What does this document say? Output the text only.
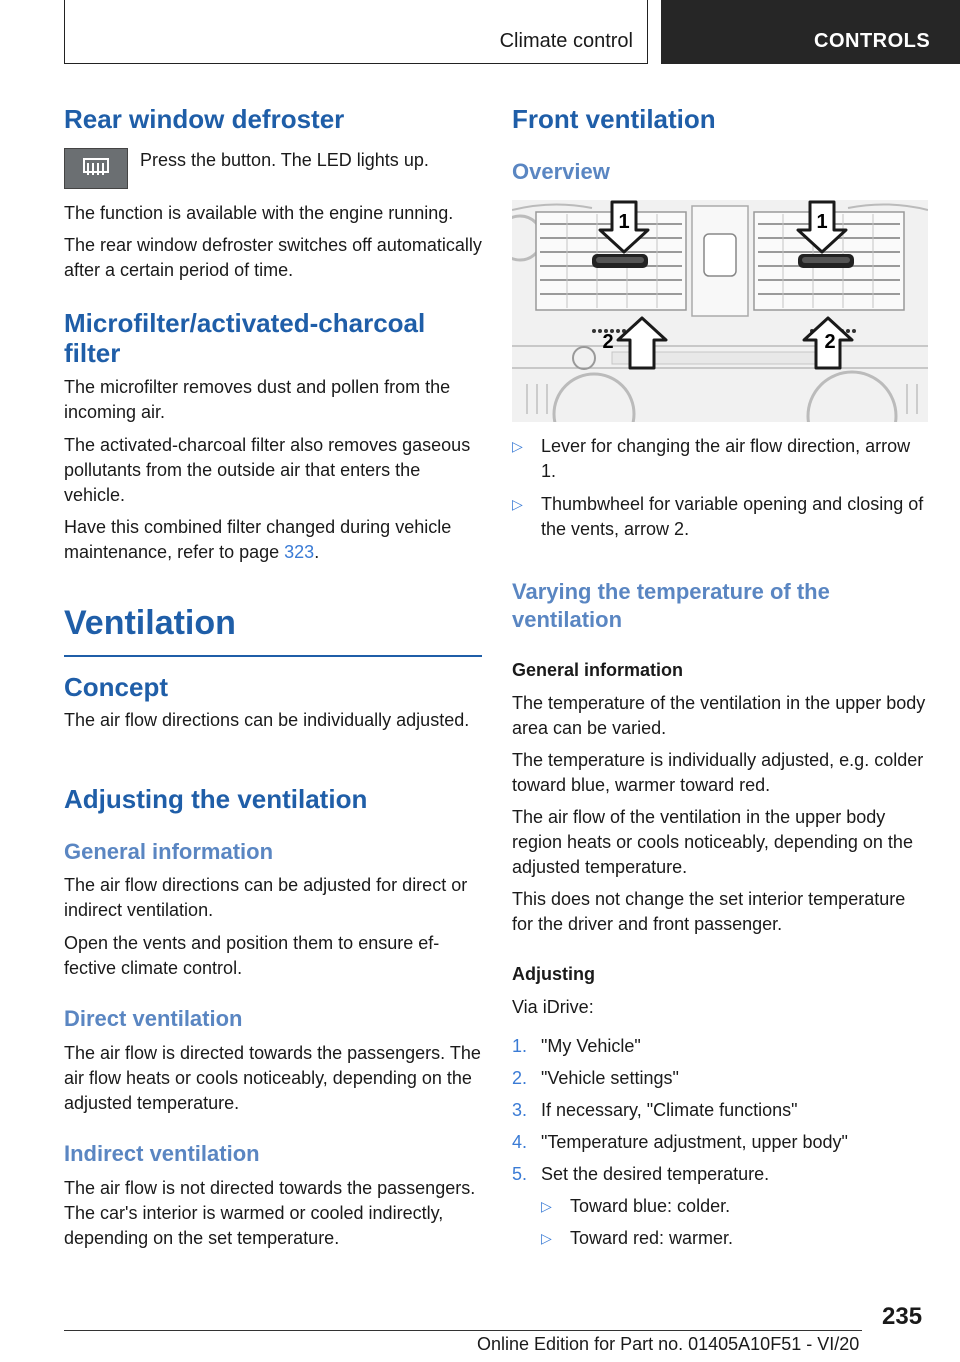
Climate control	CONTROLS
Rear window defroster

Press the button. The LED lights up.

The function is available with the engine running.

The rear window defroster switches off automatically after a certain period of time.

Microfilter/activated-charcoal filter

The microfilter removes dust and pollen from the incoming air.

The activated-charcoal filter also removes gaseous pollutants from the outside air that enters the vehicle.

Have this combined filter changed during vehicle maintenance, refer to page 323.

Ventilation
Concept

The air flow directions can be individually adjusted.

Adjusting the ventilation
General information

The air flow directions can be adjusted for direct or indirect ventilation.

Open the vents and position them to ensure effective climate control.

Direct ventilation

The air flow is directed towards the passengers. The air flow heats or cools noticeably, depending on the adjusted temperature.

Indirect ventilation

The air flow is not directed towards the passengers. The car's interior is warmed or cooled indirectly, depending on the set temperature.

Front ventilation
Overview
1	1
2	2
▷ Lever for changing the air flow direction, arrow 1.
▷ Thumbwheel for variable opening and closing of the vents, arrow 2.
Varying the temperature of the ventilation
General information

The temperature of the ventilation in the upper body area can be varied.

The temperature is individually adjusted, e.g. colder toward blue, warmer toward red.

The air flow of the ventilation in the upper body region heats or cools noticeably, depending on the adjusted temperature.

This does not change the set interior temperature for the driver and front passenger.

Adjusting

Via iDrive:

1. "My Vehicle"
2. "Vehicle settings"
3. If necessary, "Climate functions"
4. "Temperature adjustment, upper body"
5. Set the desired temperature.
▷ Toward blue: colder.
▷ Toward red: warmer.
235
Online Edition for Part no. 01405A10F51 - VI/20
